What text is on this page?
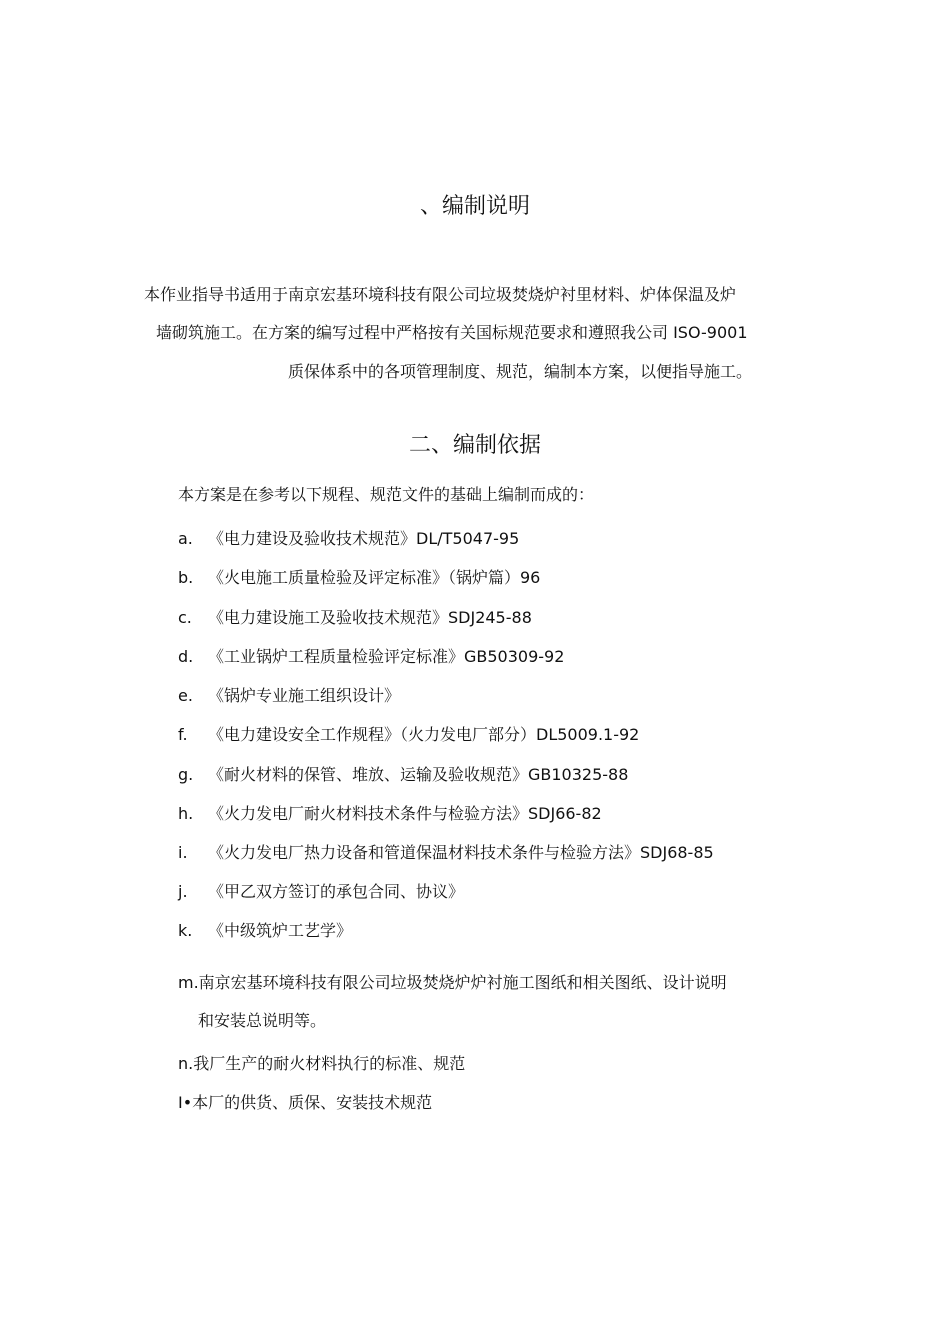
、编制说明
本作业指导书适用于南京宏基环境科技有限公司垃圾焚烧炉衬里材料、炉体保温及炉
墙砌筑施工。在方案的编写过程中严格按有关国标规范要求和遵照我公司 ISO-9001
质保体系中的各项管理制度、规范，编制本方案，以便指导施工。
二、编制依据
本方案是在参考以下规程、规范文件的基础上编制而成的：
a. 《电力建设及验收技术规范》DL/T5047-95
b. 《火电施工质量检验及评定标准》（锅炉篇）96
c. 《电力建设施工及验收技术规范》SDJ245-88
d. 《工业锅炉工程质量检验评定标准》GB50309-92
e. 《锅炉专业施工组织设计》
f. 《电力建设安全工作规程》（火力发电厂部分）DL5009.1-92
g. 《耐火材料的保管、堆放、运输及验收规范》GB10325-88
h. 《火力发电厂耐火材料技术条件与检验方法》SDJ66-82
i. 《火力发电厂热力设备和管道保温材料技术条件与检验方法》SDJ68-85
j. 《甲乙双方签订的承包合同、协议》
k. 《中级筑炉工艺学》
m.南京宏基环境科技有限公司垃圾焚烧炉炉衬施工图纸和相关图纸、设计说明
和安装总说明等。
n.我厂生产的耐火材料执行的标准、规范
I•本厂的供货、质保、安装技术规范
